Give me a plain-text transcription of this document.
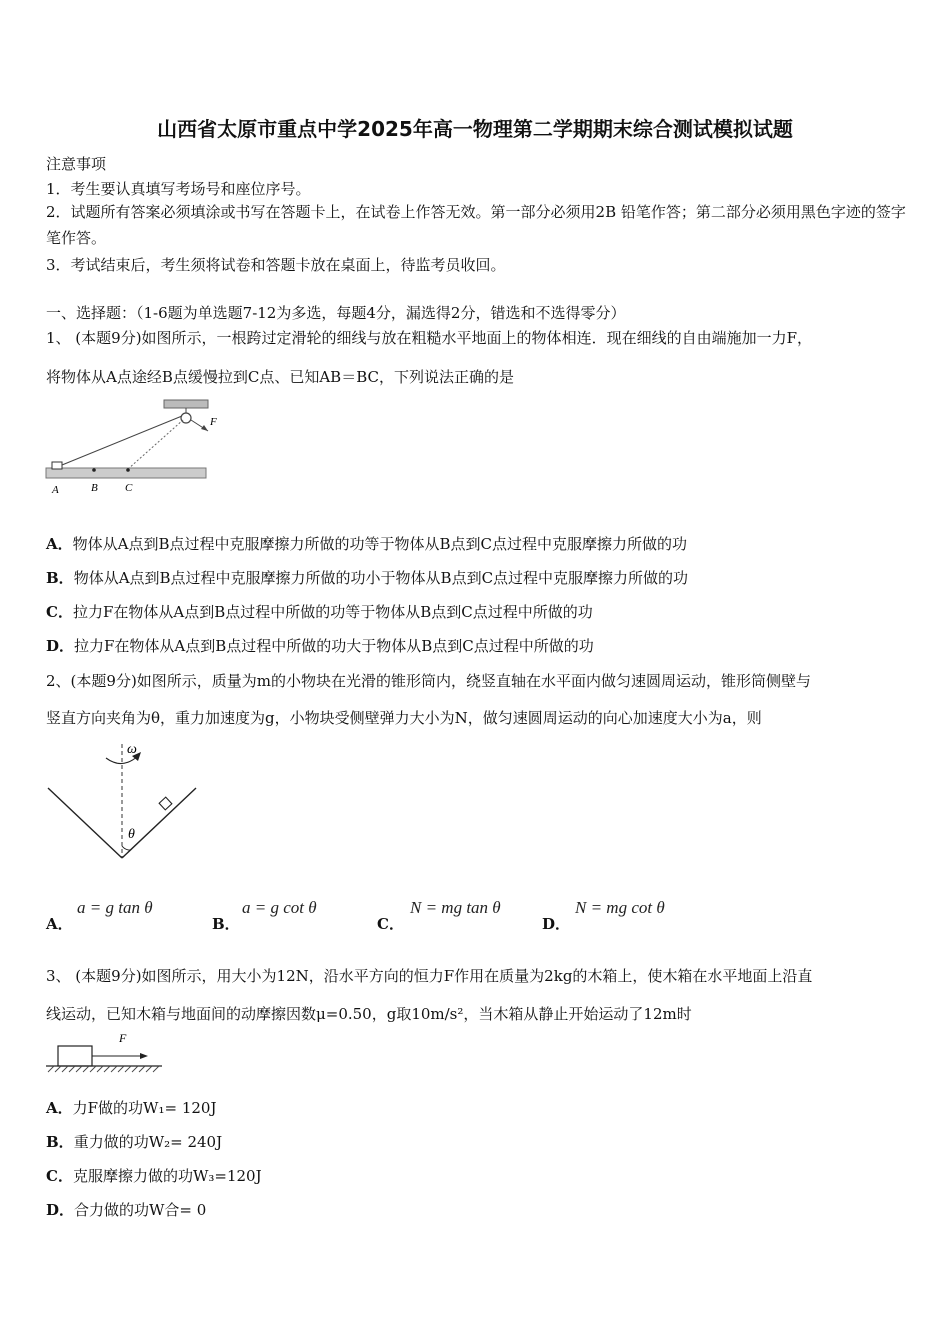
山西省太原市重点中学2025年高一物理第二学期期末综合测试模拟试题
注意事项
1．考生要认真填写考场号和座位序号。
2．试题所有答案必须填涂或书写在答题卡上，在试卷上作答无效。第一部分必须用2B 铅笔作答；第二部分必须用黑色字迹的签字笔作答。
3．考试结束后，考生须将试卷和答题卡放在桌面上，待监考员收回。
一、选择题：（1-6题为单选题7-12为多选，每题4分，漏选得2分，错选和不选得零分）
1、 (本题9分)如图所示，一根跨过定滑轮的细线与放在粗糙水平地面上的物体相连．现在细线的自由端施加一力F，
将物体从A点途经B点缓慢拉到C点、已知AB＝BC，下列说法正确的是
A	B C
F
A．物体从A点到B点过程中克服摩擦力所做的功等于物体从B点到C点过程中克服摩擦力所做的功
B．物体从A点到B点过程中克服摩擦力所做的功小于物体从B点到C点过程中克服摩擦力所做的功
C．拉力F在物体从A点到B点过程中所做的功等于物体从B点到C点过程中所做的功
D．拉力F在物体从A点到B点过程中所做的功大于物体从B点到C点过程中所做的功
2、(本题9分)如图所示，质量为m的小物块在光滑的锥形筒内，绕竖直轴在水平面内做匀速圆周运动，锥形筒侧壁与
竖直方向夹角为θ，重力加速度为g，小物块受侧壁弹力大小为N，做匀速圆周运动的向心加速度大小为a，则
ω
θ
A．
a = g tan θ
B．
a = g cot θ
C．
N = mg tan θ
D．
N = mg cot θ
3、 (本题9分)如图所示，用大小为12N，沿水平方向的恒力F作用在质量为2kg的木箱上，使木箱在水平地面上沿直
线运动，已知木箱与地面间的动摩擦因数μ=0.50，g取10m/s²，当木箱从静止开始运动了12m时
F
A．力F做的功W₁= 120J
B．重力做的功W₂= 240J
C．克服摩擦力做的功W₃=120J
D．合力做的功W合= 0
